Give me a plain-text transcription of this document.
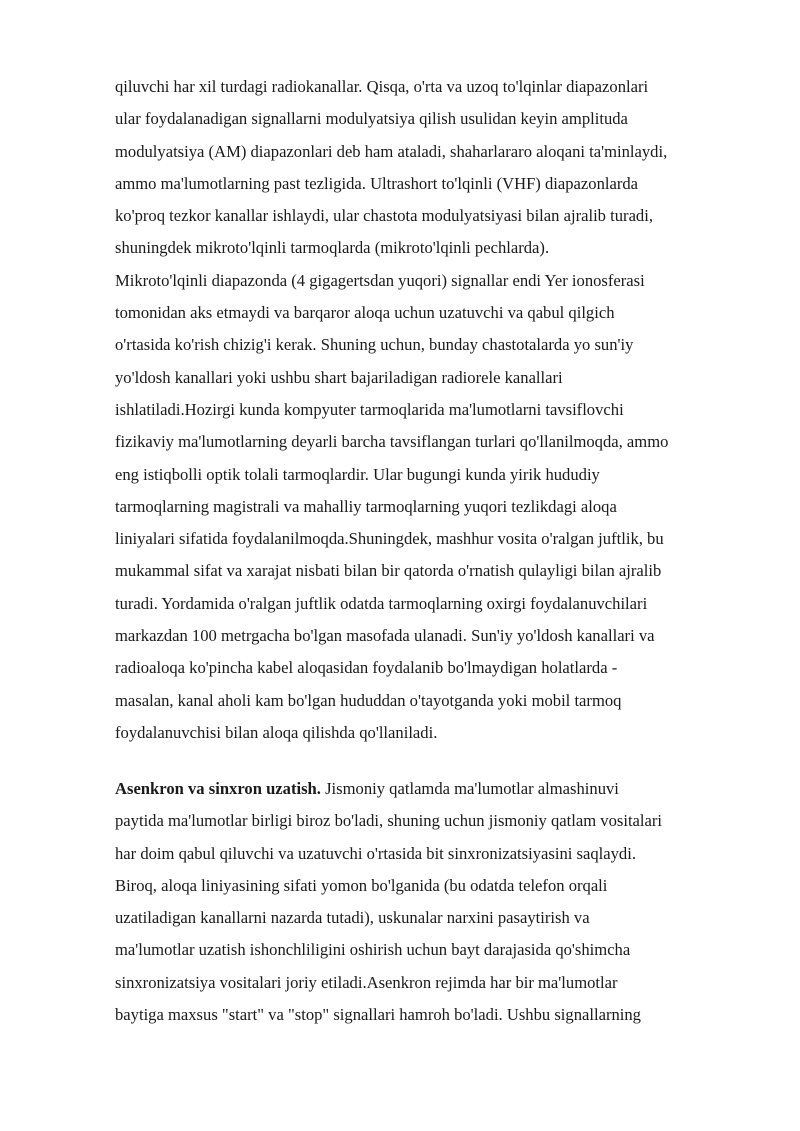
qiluvchi har xil turdagi radiokanallar. Qisqa, o'rta va uzoq to'lqinlar diapazonlari
ular foydalanadigan signallarni modulyatsiya qilish usulidan keyin amplituda
modulyatsiya (AM) diapazonlari deb ham ataladi, shaharlararo aloqani ta'minlaydi,
ammo ma'lumotlarning past tezligida. Ultrashort to'lqinli (VHF) diapazonlarda
ko'proq tezkor kanallar ishlaydi, ular chastota modulyatsiyasi bilan ajralib turadi,
shuningdek mikroto'lqinli tarmoqlarda (mikroto'lqinli pechlarda).
Mikroto'lqinli diapazonda (4 gigagertsdan yuqori) signallar endi Yer ionosferasi
tomonidan aks etmaydi va barqaror aloqa uchun uzatuvchi va qabul qilgich
o'rtasida ko'rish chizig'i kerak. Shuning uchun, bunday chastotalarda yo sun'iy
yo'ldosh kanallari yoki ushbu shart bajariladigan radiorele kanallari
ishlatiladi.Hozirgi kunda kompyuter tarmoqlarida ma'lumotlarni tavsiflovchi
fizikaviy ma'lumotlarning deyarli barcha tavsiflangan turlari qo'llanilmoqda, ammo
eng istiqbolli optik tolali tarmoqlardir. Ular bugungi kunda yirik hududiy
tarmoqlarning magistrali va mahalliy tarmoqlarning yuqori tezlikdagi aloqa
liniyalari sifatida foydalanilmoqda.Shuningdek, mashhur vosita o'ralgan juftlik, bu
mukammal sifat va xarajat nisbati bilan bir qatorda o'rnatish qulayligi bilan ajralib
turadi. Yordamida o'ralgan juftlik odatda tarmoqlarning oxirgi foydalanuvchilari
markazdan 100 metrgacha bo'lgan masofada ulanadi. Sun'iy yo'ldosh kanallari va
radioaloqa ko'pincha kabel aloqasidan foydalanib bo'lmaydigan holatlarda -
masalan, kanal aholi kam bo'lgan hududdan o'tayotganda yoki mobil tarmoq
foydalanuvchisi bilan aloqa qilishda qo'llaniladi.
Asenkron va sinxron uzatish. Jismoniy qatlamda ma'lumotlar almashinuvi
paytida ma'lumotlar birligi biroz bo'ladi, shuning uchun jismoniy qatlam vositalari
har doim qabul qiluvchi va uzatuvchi o'rtasida bit sinxronizatsiyasini saqlaydi.
Biroq, aloqa liniyasining sifati yomon bo'lganida (bu odatda telefon orqali
uzatiladigan kanallarni nazarda tutadi), uskunalar narxini pasaytirish va
ma'lumotlar uzatish ishonchliligini oshirish uchun bayt darajasida qo'shimcha
sinxronizatsiya vositalari joriy etiladi.Asenkron rejimda har bir ma'lumotlar
baytiga maxsus "start" va "stop" signallari hamroh bo'ladi. Ushbu signallarning
